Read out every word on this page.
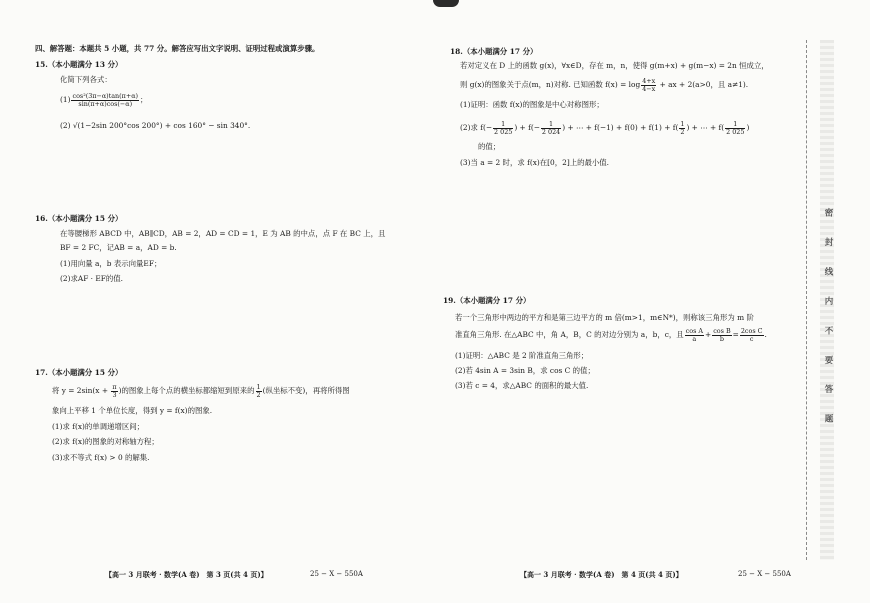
四、解答题：本题共 5 小题，共 77 分。解答应写出文字说明、证明过程或演算步骤。
15.（本小题满分 13 分）
化简下列各式：
$(1) \frac{\text{cos²(3π−α)tan(π+α)}}{\sin(\pi+\alpha)\cos(-\alpha)}$ ；
(2) √(1−2sin 200°cos 200°) + cos 160° − sin 340°.
16.（本小题满分 15 分）
在等腰梯形 ABCD 中，AB∥CD，AB = 2，AD = CD = 1，E 为 AB 的中点，点 F 在 BC 上，且
BF = 2 FC，记AB = a，AD = b.
(1)用向量 a，b 表示向量EF；
(2)求AF · EF的值.
17.（本小题满分 15 分）
将 $y = 2\sin(x + \frac{\pi}{3}$ )的图象上每个点的横坐标都缩短到原来的 $\frac{1}{2}$ (纵坐标不变)，再将所得图
象向上平移 1 个单位长度，得到 y = f(x)的图象.
(1)求 f(x)的单调递增区间；
(2)求 f(x)的图象的对称轴方程；
(3)求不等式 f(x) > 0 的解集.
【高一 3 月联考 · 数学(A 卷)　第 3 页(共 4 页)】	25 − X − 550A
18.（本小题满分 17 分）
若对定义在 D 上的函数 g(x)，∀x∈D，存在 m，n，使得 g(m+x) + g(m−x) = 2n 恒成立，
则 g(x)的图象关于点(m，n)对称. 已知函数 $f(x) = \log \frac{4+x}{4-x}$ + ax + 2(a>0，且 a≠1).
(1)证明：函数 f(x)的图象是中心对称图形；
(2)求 $f(- \frac{1}{2 025}$ ) + $f(- \frac{1}{2 024}$ ) + ⋯ + $f(-1) + f(0) + f(1) + f( \frac{1}{2}$ ) + ⋯ + $f( \frac{1}{2 025}$ )
的值；
(3)当 a = 2 时，求 f(x)在[0，2]上的最小值.
19.（本小题满分 17 分）
若一个三角形中两边的平方和是第三边平方的 m 倍(m>1，m∈N*)，则称该三角形为 m 阶
准直角三角形. 在△ABC 中，角 A，B，C 的对边分别为 a，b，c，且 $\frac{\text{cos A}}{a} + \frac{\text{cos B}}{b} = \frac{\text{2cos C}}{c}$ .
(1)证明：△ABC 是 2 阶准直角三角形；
(2)若 4sin A = 3sin B，求 cos C 的值；
(3)若 c = 4，求△ABC 的面积的最大值.
【高一 3 月联考 · 数学(A 卷)　第 4 页(共 4 页)】	25 − X − 550A
密 封 线 内 不 要 答 题
